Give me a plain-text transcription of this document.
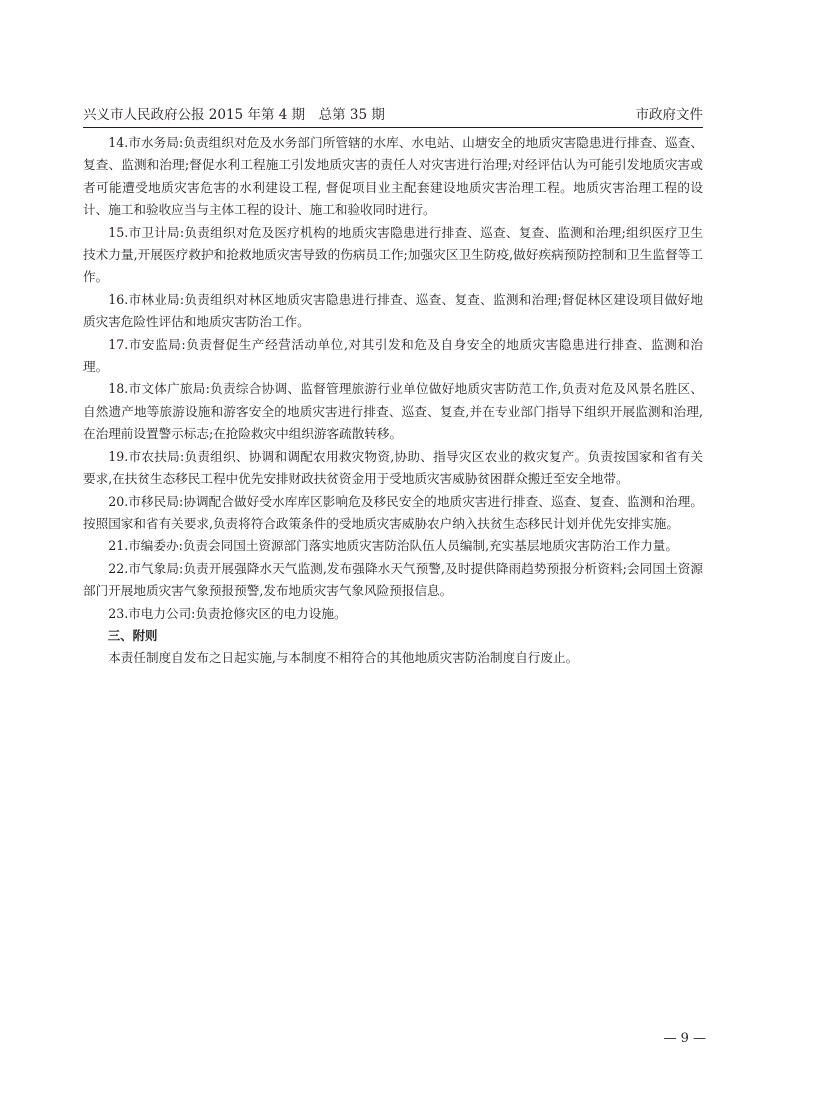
兴义市人民政府公报 2015 年第 4 期　总第 35 期	市政府文件

14.市水务局:负责组织对危及水务部门所管辖的水库、水电站、山塘安全的地质灾害隐患进行排查、巡查、复查、监测和治理;督促水利工程施工引发地质灾害的责任人对灾害进行治理;对经评估认为可能引发地质灾害或者可能遭受地质灾害危害的水利建设工程, 督促项目业主配套建设地质灾害治理工程。地质灾害治理工程的设计、施工和验收应当与主体工程的设计、施工和验收同时进行。

15.市卫计局:负责组织对危及医疗机构的地质灾害隐患进行排查、巡查、复查、监测和治理;组织医疗卫生技术力量,开展医疗救护和抢救地质灾害导致的伤病员工作;加强灾区卫生防疫,做好疾病预防控制和卫生监督等工作。

16.市林业局:负责组织对林区地质灾害隐患进行排查、巡查、复查、监测和治理;督促林区建设项目做好地质灾害危险性评估和地质灾害防治工作。

17.市安监局:负责督促生产经营活动单位,对其引发和危及自身安全的地质灾害隐患进行排查、监测和治理。

18.市文体广旅局:负责综合协调、监督管理旅游行业单位做好地质灾害防范工作,负责对危及风景名胜区、自然遗产地等旅游设施和游客安全的地质灾害进行排查、巡查、复查,并在专业部门指导下组织开展监测和治理,在治理前设置警示标志;在抢险救灾中组织游客疏散转移。

19.市农扶局:负责组织、协调和调配农用救灾物资,协助、指导灾区农业的救灾复产。负责按国家和省有关要求,在扶贫生态移民工程中优先安排财政扶贫资金用于受地质灾害威胁贫困群众搬迁至安全地带。

20.市移民局:协调配合做好受水库库区影响危及移民安全的地质灾害进行排查、巡查、复查、监测和治理。按照国家和省有关要求,负责将符合政策条件的受地质灾害威胁农户纳入扶贫生态移民计划并优先安排实施。

21.市编委办:负责会同国土资源部门落实地质灾害防治队伍人员编制,充实基层地质灾害防治工作力量。

22.市气象局:负责开展强降水天气监测,发布强降水天气预警,及时提供降雨趋势预报分析资料;会同国土资源部门开展地质灾害气象预报预警,发布地质灾害气象风险预报信息。

23.市电力公司:负责抢修灾区的电力设施。

三、附则

本责任制度自发布之日起实施,与本制度不相符合的其他地质灾害防治制度自行废止。

— 9 —
